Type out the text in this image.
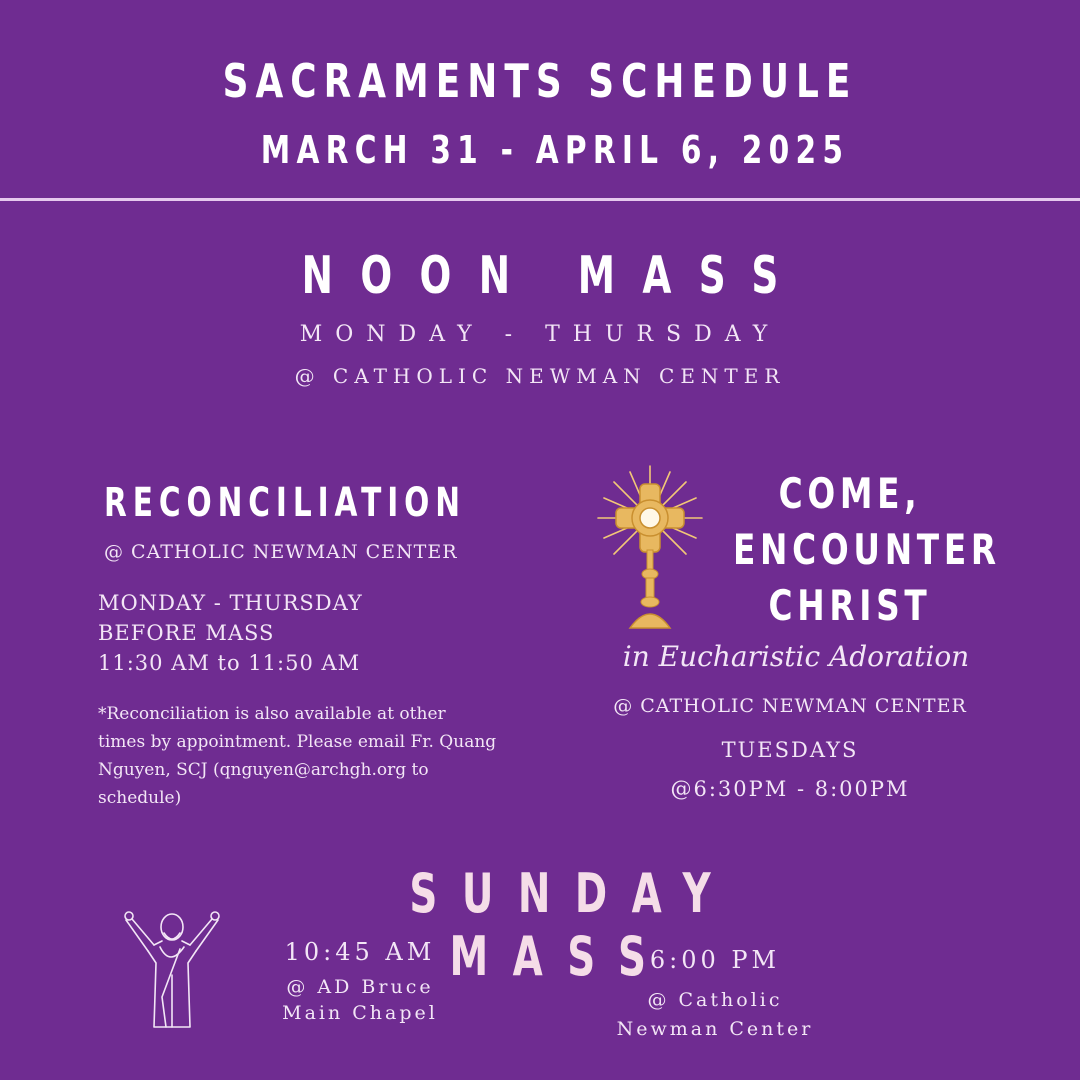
SACRAMENTS SCHEDULE
MARCH 31 - APRIL 6, 2025
NOON MASS
MONDAY - THURSDAY
@ CATHOLIC NEWMAN CENTER
RECONCILIATION
@ CATHOLIC NEWMAN CENTER
MONDAY - THURSDAY
BEFORE MASS
11:30 AM to 11:50 AM
*Reconciliation is also available at other times by appointment. Please email Fr. Quang Nguyen, SCJ (qnguyen@archgh.org to schedule)
COME,
ENCOUNTER
CHRIST
in Eucharistic Adoration
@ CATHOLIC NEWMAN CENTER
TUESDAYS
@6:30PM - 8:00PM
SUNDAY MASS
10:45 AM
@ AD Bruce
Main Chapel
6:00 PM
@ Catholic
Newman Center
